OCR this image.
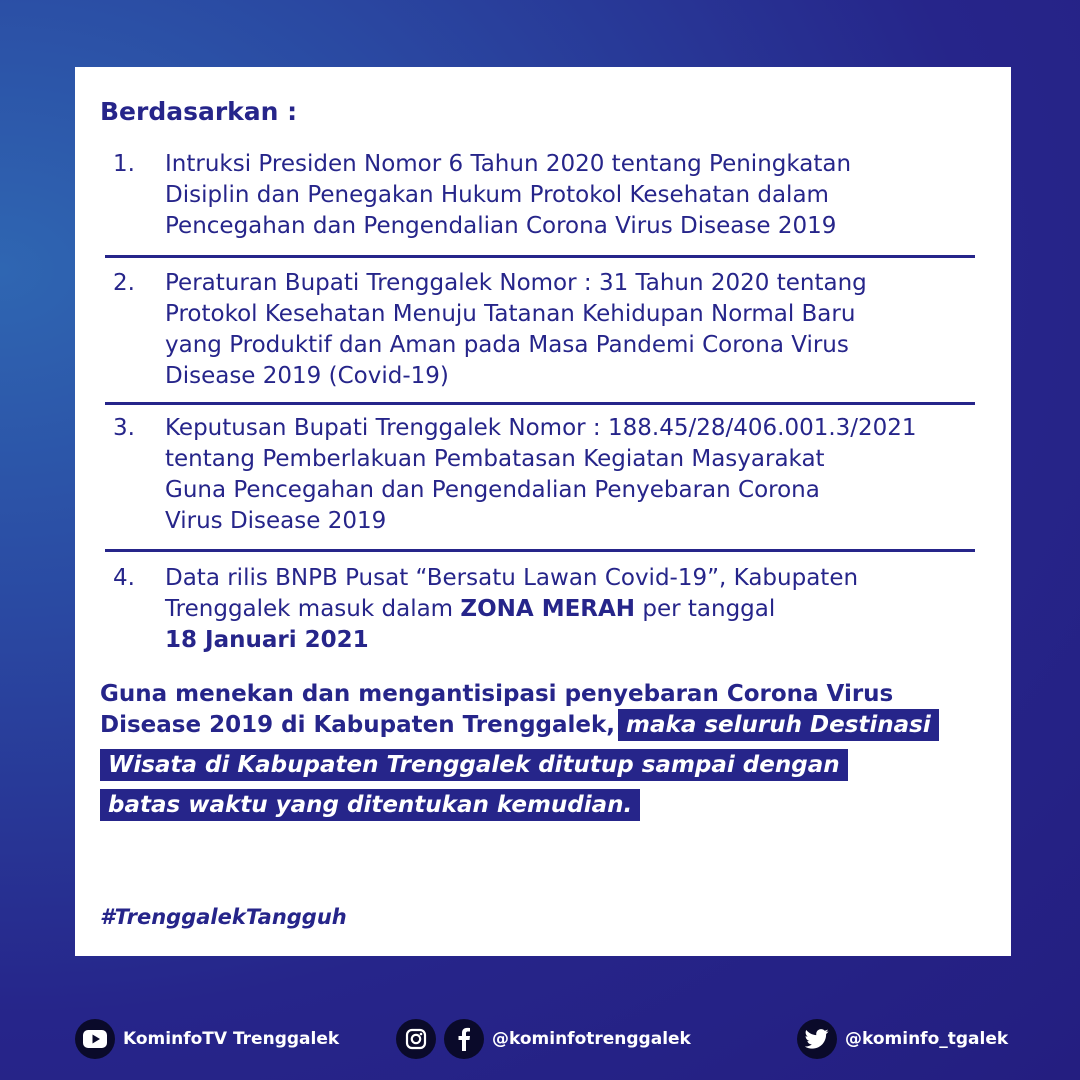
Berdasarkan :
1. Intruksi Presiden Nomor 6 Tahun 2020 tentang Peningkatan
Disiplin dan Penegakan Hukum Protokol Kesehatan dalam
Pencegahan dan Pengendalian Corona Virus Disease 2019
2. Peraturan Bupati Trenggalek Nomor : 31 Tahun 2020 tentang
Protokol Kesehatan Menuju Tatanan Kehidupan Normal Baru
yang Produktif dan Aman pada Masa Pandemi Corona Virus
Disease 2019 (Covid-19)
3. Keputusan Bupati Trenggalek Nomor : 188.45/28/406.001.3/2021
tentang Pemberlakuan Pembatasan Kegiatan Masyarakat
Guna Pencegahan dan Pengendalian Penyebaran Corona
Virus Disease 2019
4. Data rilis BNPB Pusat “Bersatu Lawan Covid-19”, Kabupaten
Trenggalek masuk dalam ZONA MERAH per tanggal
18 Januari 2021
Guna menekan dan mengantisipasi penyebaran Corona Virus
Disease 2019 di Kabupaten Trenggalek, maka seluruh Destinasi
Wisata di Kabupaten Trenggalek ditutup sampai dengan
batas waktu yang ditentukan kemudian.
#TrenggalekTangguh
KominfoTV Trenggalek	@kominfotrenggalek	@kominfo_tgalek
